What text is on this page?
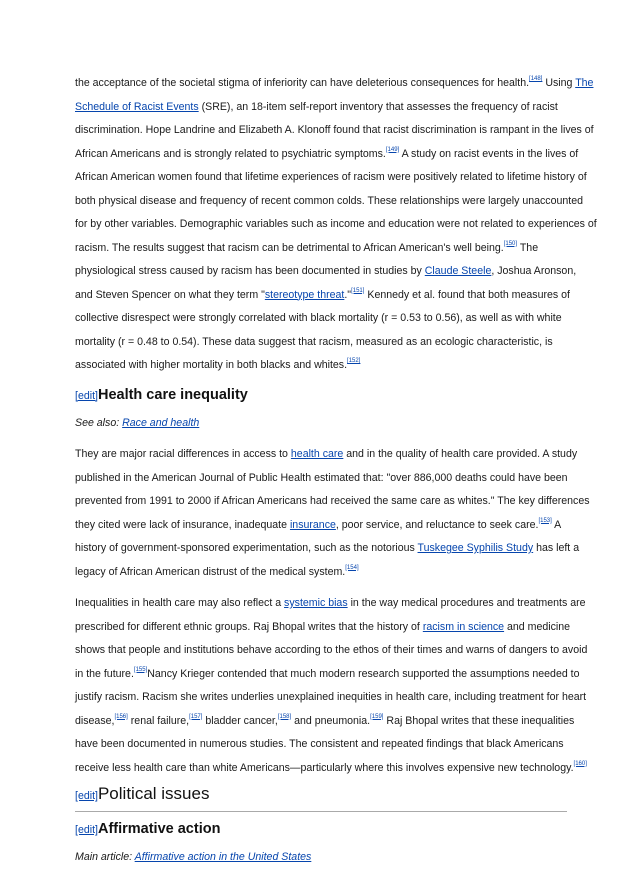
the acceptance of the societal stigma of inferiority can have deleterious consequences for health.[148] Using The
Schedule of Racist Events (SRE), an 18-item self-report inventory that assesses the frequency of racist
discrimination. Hope Landrine and Elizabeth A. Klonoff found that racist discrimination is rampant in the lives of
African Americans and is strongly related to psychiatric symptoms.[149] A study on racist events in the lives of
African American women found that lifetime experiences of racism were positively related to lifetime history of
both physical disease and frequency of recent common colds. These relationships were largely unaccounted
for by other variables. Demographic variables such as income and education were not related to experiences of
racism. The results suggest that racism can be detrimental to African American's well being.[150] The
physiological stress caused by racism has been documented in studies by Claude Steele, Joshua Aronson,
and Steven Spencer on what they term "stereotype threat."[151] Kennedy et al. found that both measures of
collective disrespect were strongly correlated with black mortality (r = 0.53 to 0.56), as well as with white
mortality (r = 0.48 to 0.54). These data suggest that racism, measured as an ecologic characteristic, is
associated with higher mortality in both blacks and whites.[152]

[edit]Health care inequality

See also: Race and health

They are major racial differences in access to health care and in the quality of health care provided. A study
published in the American Journal of Public Health estimated that: "over 886,000 deaths could have been
prevented from 1991 to 2000 if African Americans had received the same care as whites." The key differences
they cited were lack of insurance, inadequate insurance, poor service, and reluctance to seek care.[153] A
history of government-sponsored experimentation, such as the notorious Tuskegee Syphilis Study has left a
legacy of African American distrust of the medical system.[154]

Inequalities in health care may also reflect a systemic bias in the way medical procedures and treatments are
prescribed for different ethnic groups. Raj Bhopal writes that the history of racism in science and medicine
shows that people and institutions behave according to the ethos of their times and warns of dangers to avoid
in the future.[155]Nancy Krieger contended that much modern research supported the assumptions needed to
justify racism. Racism she writes underlies unexplained inequities in health care, including treatment for heart
disease,[156] renal failure,[157] bladder cancer,[158] and pneumonia.[159] Raj Bhopal writes that these inequalities
have been documented in numerous studies. The consistent and repeated findings that black Americans
receive less health care than white Americans—particularly where this involves expensive new technology.[160]

[edit]Political issues
[edit]Affirmative action

Main article: Affirmative action in the United States
